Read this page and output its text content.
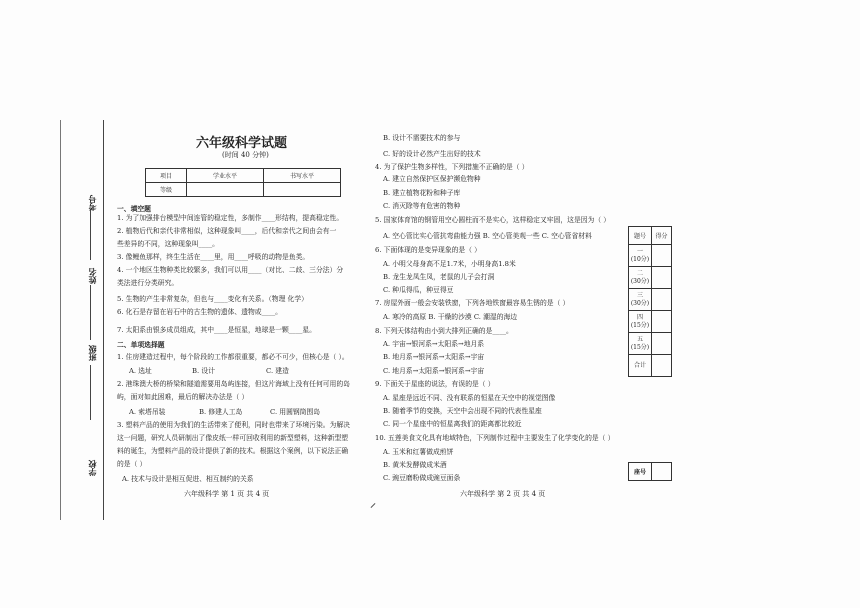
考号
姓名
班级
学校
六年级科学试题
(时间 40 分钟)
项目	学业水平	书写水平
等级		
一、填空题
1. 为了加强排台模型中间连管的稳定性，多制作____形结构，提高稳定性。
2. 植物后代和亲代非常相似，这种现象叫____，后代和亲代之间由会有一
些差异的不同，这种现象叫____。
3. 像鲤鱼那样，终生生活在____里，用____呼吸的动物是鱼类。
4. 一个地区生物种类比较繁多，我们可以用____（对比、二歧、三分法）分
类法进行分类研究。
5. 生物的产生非常复杂，但也与____变化有关系。（物理 化学）
6. 化石是存留在岩石中的古生物的遗体、遗物或____。
7. 太阳系由银多成员组成，其中____是恒星，地球是一颗____星。
1. 住房建造过程中，每个阶段的工作都很重要，都必不可少，但核心是（ ）。
2. 港珠澳大桥的桥梁和隧道需要用岛屿连接，但这片海域上没有任何可用的岛
屿，面对如此困难，最后的解决办法是（ ）
3. 塑料产品的使用为我们的生活带来了便利，同时也带来了环境污染。为解决
这一问题，研究人员研制出了像皮纸一样可回收利用的新型塑料，这种新型塑
料的诞生，为塑料产品的设计提供了新的技术。根据这个案例，以下说法正确
的是（ ）
二、单项选择题
A. 选址	B. 设计	C. 建造
A. 索塔吊装	B. 修建人工岛	C. 用圆钢筒围岛
A. 技术与设计是相互促进、相互制约的关系
六年级科学 第 1 页 共 4 页
B. 设计不需要技术的参与
C. 好的设计必然产生出好的技术
4. 为了保护生物多样性，下列措施不正确的是（ ）
A. 建立自然保护区保护濒危物种
B. 建立植物花粉和种子库
C. 消灭除等有危害的物种
5. 国家体育馆的钢管用空心圆柱而不是实心，这样稳定又牢固，这是因为（ ）
A. 空心管比实心管抗弯曲能力强 B. 空心管美观一些 C. 空心管省材料
6. 下面体现的是变异现象的是（ ）
A. 小明父母身高不足1.7米，小明身高1.8米
B. 龙生龙凤生凤，老鼠的儿子会打洞
C. 种瓜得瓜，种豆得豆
7. 房屋外面一般会安装铁窗，下列各地铁窗最容易生锈的是（ ）
A. 寒冷的高原 B. 干燥的沙漠 C. 潮湿的海边
8. 下列天体结构由小到大排列正确的是____。
A. 宇宙→银河系→太阳系→地月系
B. 地月系→银河系→太阳系→宇宙
C. 地月系→太阳系→银河系→宇宙
9. 下面关于星座的说法，有误的是（ ）
A. 星座是远近不同、没有联系的恒星在天空中的视觉图像
B. 随着季节的变换，天空中会出现不同的代表性星座
C. 同一个星座中的恒星离我们的距离都比较近
10. 五莲美食文化具有地域特色，下列制作过程中主要发生了化学变化的是（ ）
A. 玉米和红薯做成煎饼
B. 黄米发酵做成米酒
C. 豌豆磨粉做成豌豆面条
六年级科学 第 2 页 共 4 页
题号	得分
一
(10分)	
二
(30分)	
三
(30分)	
四
(15分)	
五
(15分)	
合计	
座号	
